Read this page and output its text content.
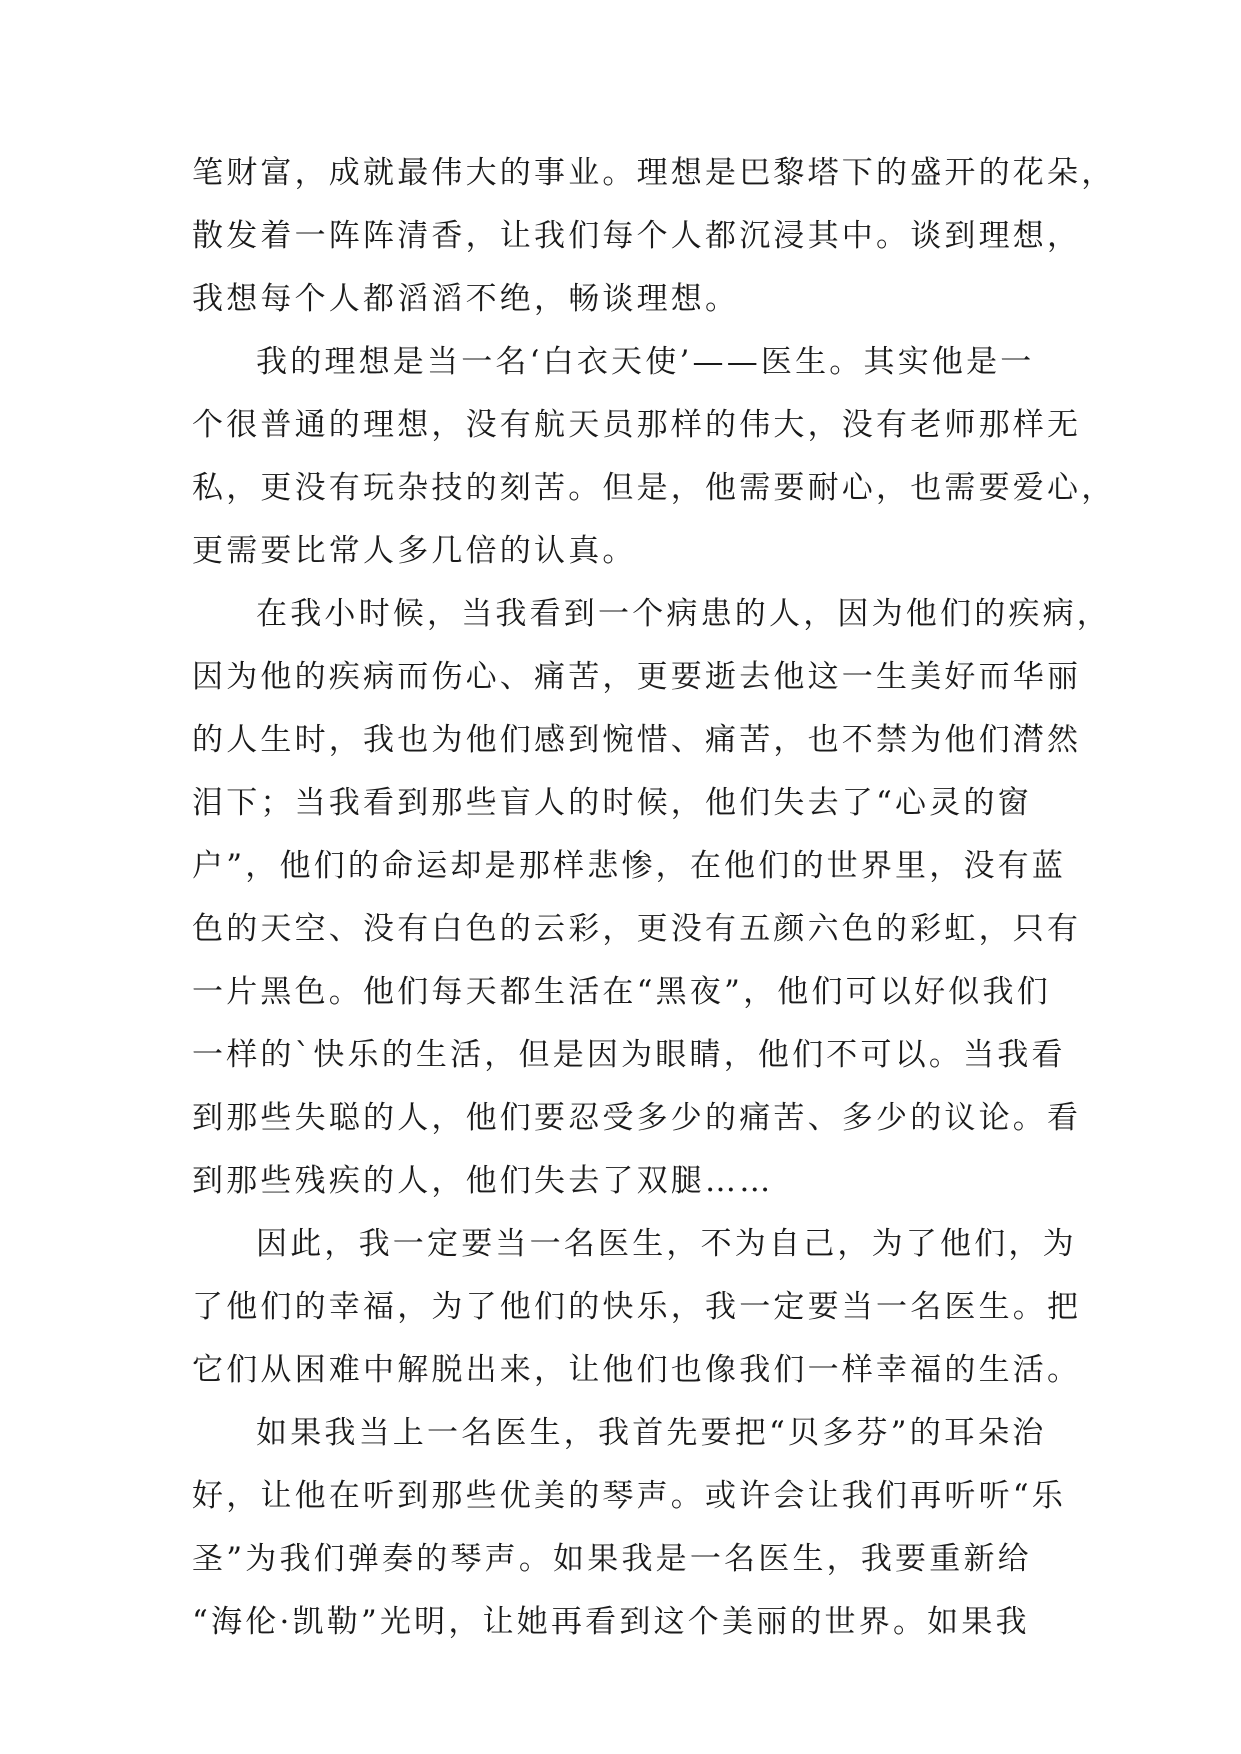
笔财富，成就最伟大的事业。理想是巴黎塔下的盛开的花朵，
散发着一阵阵清香，让我们每个人都沉浸其中。谈到理想，
我想每个人都滔滔不绝，畅谈理想。
我的理想是当一名‘白衣天使’——医生。其实他是一
个很普通的理想，没有航天员那样的伟大，没有老师那样无
私，更没有玩杂技的刻苦。但是，他需要耐心，也需要爱心，
更需要比常人多几倍的认真。
在我小时候，当我看到一个病患的人，因为他们的疾病，
因为他的疾病而伤心、痛苦，更要逝去他这一生美好而华丽
的人生时，我也为他们感到惋惜、痛苦，也不禁为他们潸然
泪下；当我看到那些盲人的时候，他们失去了“心灵的窗
户”，他们的命运却是那样悲惨，在他们的世界里，没有蓝
色的天空、没有白色的云彩，更没有五颜六色的彩虹，只有
一片黑色。他们每天都生活在“黑夜”，他们可以好似我们
一样的`快乐的生活，但是因为眼睛，他们不可以。当我看
到那些失聪的人，他们要忍受多少的痛苦、多少的议论。看
到那些残疾的人，他们失去了双腿……
因此，我一定要当一名医生，不为自己，为了他们，为
了他们的幸福，为了他们的快乐，我一定要当一名医生。把
它们从困难中解脱出来，让他们也像我们一样幸福的生活。
如果我当上一名医生，我首先要把“贝多芬”的耳朵治
好，让他在听到那些优美的琴声。或许会让我们再听听“乐
圣”为我们弹奏的琴声。如果我是一名医生，我要重新给
“海伦·凯勒”光明，让她再看到这个美丽的世界。如果我
